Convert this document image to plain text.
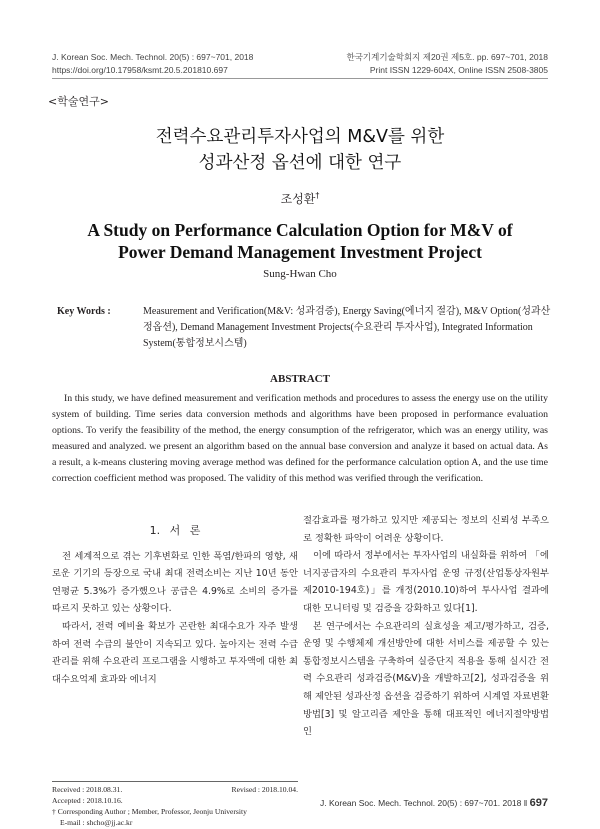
J. Korean Soc. Mech. Technol. 20(5) : 697~701, 2018
https://doi.org/10.17958/ksmt.20.5.201810.697
한국기계기술학회지 제20권 제5호. pp. 697~701, 2018
Print ISSN 1229-604X, Online ISSN 2508-3805
<학술연구>
전력수요관리투자사업의 M&V를 위한
성과산정 옵션에 대한 연구
조성환†
A Study on Performance Calculation Option for M&V of
Power Demand Management Investment Project
Sung-Hwan Cho
Key Words :	Measurement and Verification(M&V: 성과검증), Energy Saving(에너지 절감), M&V Option(성과산정옵션), Demand Management Investment Projects(수요관리 투자사업), Integrated Information System(통합정보시스템)
ABSTRACT
In this study, we have defined measurement and verification methods and procedures to assess the energy use on the utility system of building. Time series data conversion methods and algorithms have been proposed in performance evaluation options. To verify the feasibility of the method, the energy consumption of the refrigerator, which was an energy utility, was measured and analyzed. we present an algorithm based on the annual base conversion and analyze it based on actual data. As a result, a k-means clustering moving average method was defined for the performance calculation option A, and the use time correction coefficient method was proposed. The validity of this method was verified through the verification.
1. 서 론

전 세계적으로 겪는 기후변화로 인한 폭염/한파의 영향, 새로운 기기의 등장으로 국내 최대 전력소비는 지난 10년 동안 연평균 5.3%가 증가했으나 공급은 4.9%로 소비의 증가를 따르지 못하고 있는 상황이다.

따라서, 전력 예비율 확보가 곤란한 최대수요가 자주 발생하여 전력 수급의 불안이 지속되고 있다. 높아지는 전력 수급관리를 위해 수요관리 프로그램을 시행하고 투자액에 대한 최대수요억제 효과와 에너지

절감효과를 평가하고 있지만 제공되는 정보의 신뢰성 부족으로 정확한 파악이 어려운 상황이다.

이에 따라서 정부에서는 투자사업의 내실화를 위하여 「에너지공급자의 수요관리 투자사업 운영 규정(산업통상자원부 제2010-194호)」를 개정(2010.10)하여 투사사업 결과에 대한 모니터링 및 검증을 강화하고 있다[1].

본 연구에서는 수요관리의 실효성을 제고/평가하고, 검증, 운영 및 수행체제 개선방안에 대한 서비스를 제공할 수 있는 통합정보시스템을 구축하여 실증단지 적용을 통해 실시간 전력 수요관리 성과검증(M&V)을 개발하고[2], 성과검증을 위해 제안된 성과산정 옵션을 검증하기 위하여 시계열 자료변환 방법[3] 및 알고리즘 제안을 통해 대표적인 에너지절약방법인

Received : 2018.08.31.	Revised : 2018.10.04.
Accepted : 2018.10.16.
† Corresponding Author ; Member, Professor, Jeonju University
E-mail : shcho@jj.ac.kr
J. Korean Soc. Mech. Technol. 20(5) : 697~701. 2018 ‖ 697
